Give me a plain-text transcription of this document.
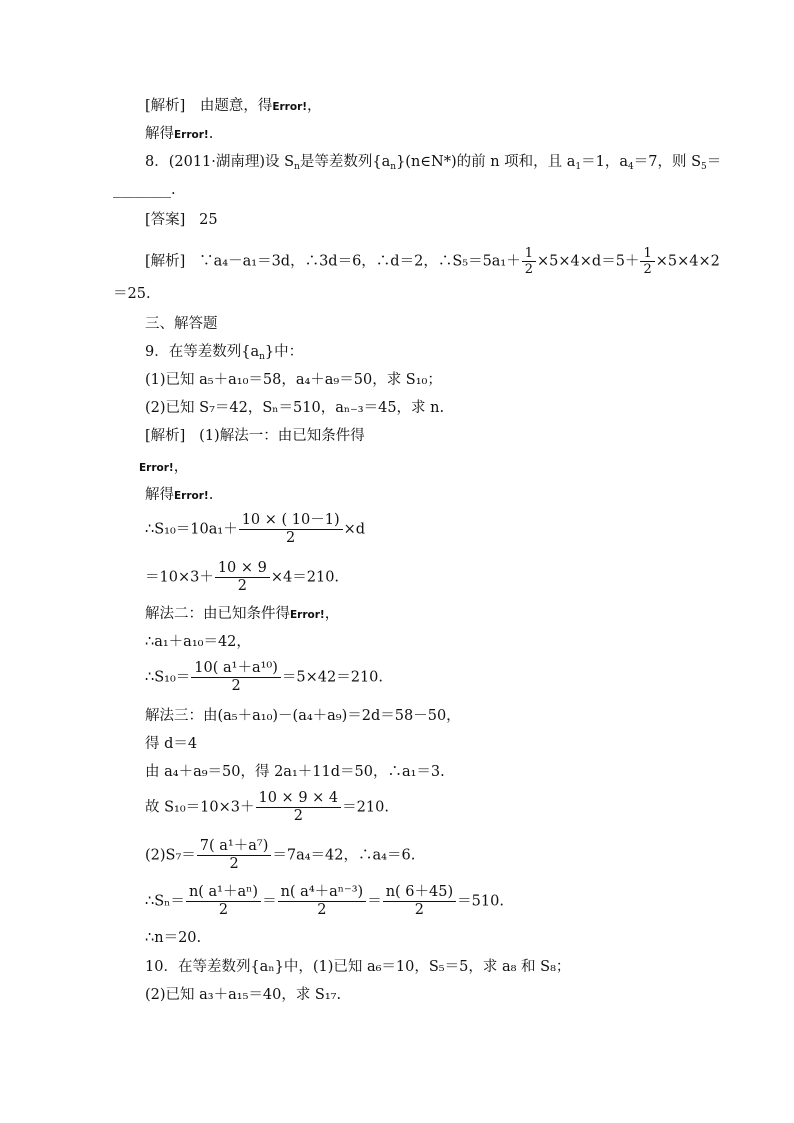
[解析]　由题意，得Error!，
解得Error!.
8．(2011·湖南理)设 $S_n$是等差数列$\{a_n\}(n\in N*)$的前 n 项和，且 $a_1=1$，$a_4=7$，则 $S_5=$
________.
[答案] 25
[解析] ∵a₄－a₁＝3d，∴3d＝6，∴d＝2，∴S₅＝5a₁＋ $\frac{1}{2} \times 5\times 4\times d=5+ \frac{1}{2} \times 5\times 4\times 2$
＝25.
三、解答题
9．在等差数列$\{a_n\}$中：
(1)已知 a₅＋a₁₀＝58，a₄＋a₉＝50，求 S₁₀；
(2)已知 S₇＝42，Sₙ＝510，aₙ₋₃＝45，求 n.
[解析] (1)解法一：由已知条件得
Error!，
解得Error!.
∴S₁₀＝10a₁＋ $\frac{10 \times ( 10-1)}{2} \times d$
$=10\times 3+ \frac{10 \times 9}{2} \times 4=210$.
解法二：由已知条件得Error!，
∴a₁＋a₁₀＝42，
∴S₁₀＝ $\frac{\text{10( a¹＋a¹⁰)}}{2} =5\times 42=210$.
解法三：由(a₅＋a₁₀)－(a₄＋a₉)＝2d＝58－50，
得 d＝4
由 a₄＋a₉＝50，得 2a₁＋11d＝50，∴a₁＝3.
故 $S_{10}=10\times 3+ \frac{10 \times 9 \times 4}{2} =210$.
$(2)S_7= \frac{\text{7( a¹＋a⁷)}}{2} =7a_4=42$，∴a₄＝6.
∴Sₙ＝ $\frac{\text{n( a¹＋aⁿ)}}{2} = \frac{\text{n( a⁴＋aⁿ⁻³)}}{2} = \frac{n( 6+45)}{2} =510$.
∴n＝20.
10．在等差数列{aₙ}中，(1)已知 a₆＝10，S₅＝5，求 a₈ 和 S₈；
(2)已知 a₃＋a₁₅＝40，求 S₁₇.
